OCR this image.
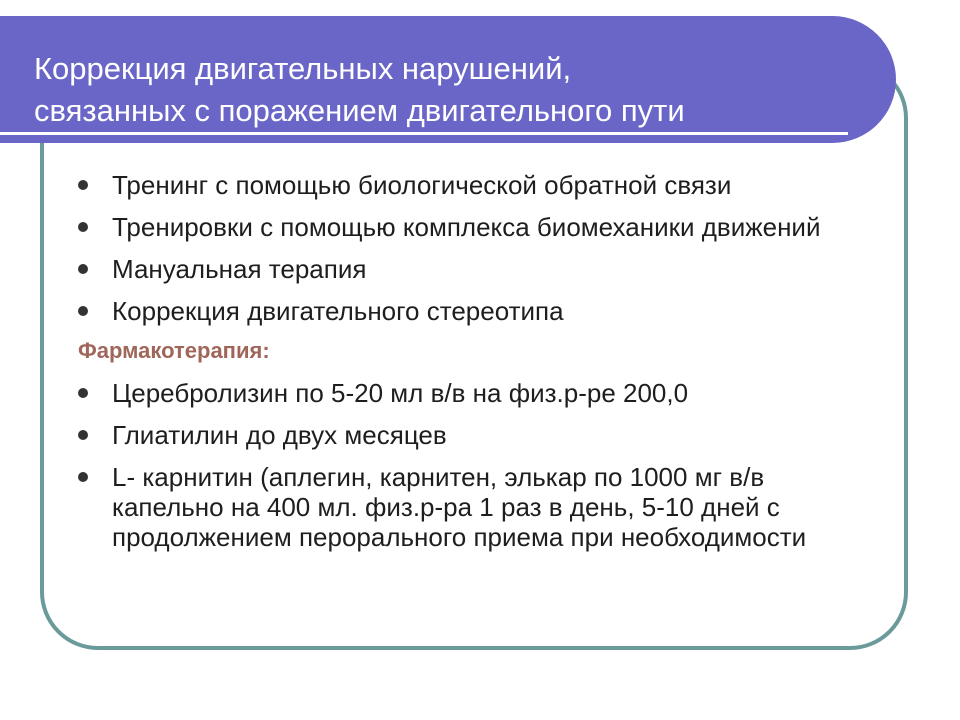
Коррекция двигательных нарушений,
связанных с поражением двигательного пути
Тренинг с помощью биологической обратной связи
Тренировки с помощью комплекса биомеханики движений
Мануальная терапия
Коррекция двигательного стереотипа
Фармакотерапия:
Церебролизин по 5-20 мл в/в на физ.р-ре 200,0
Глиатилин до двух месяцев
L- карнитин (аплегин, карнитен, элькар по 1000 мг в/в капельно на 400 мл. физ.р-ра 1 раз в день, 5-10 дней с продолжением перорального приема при необходимости
